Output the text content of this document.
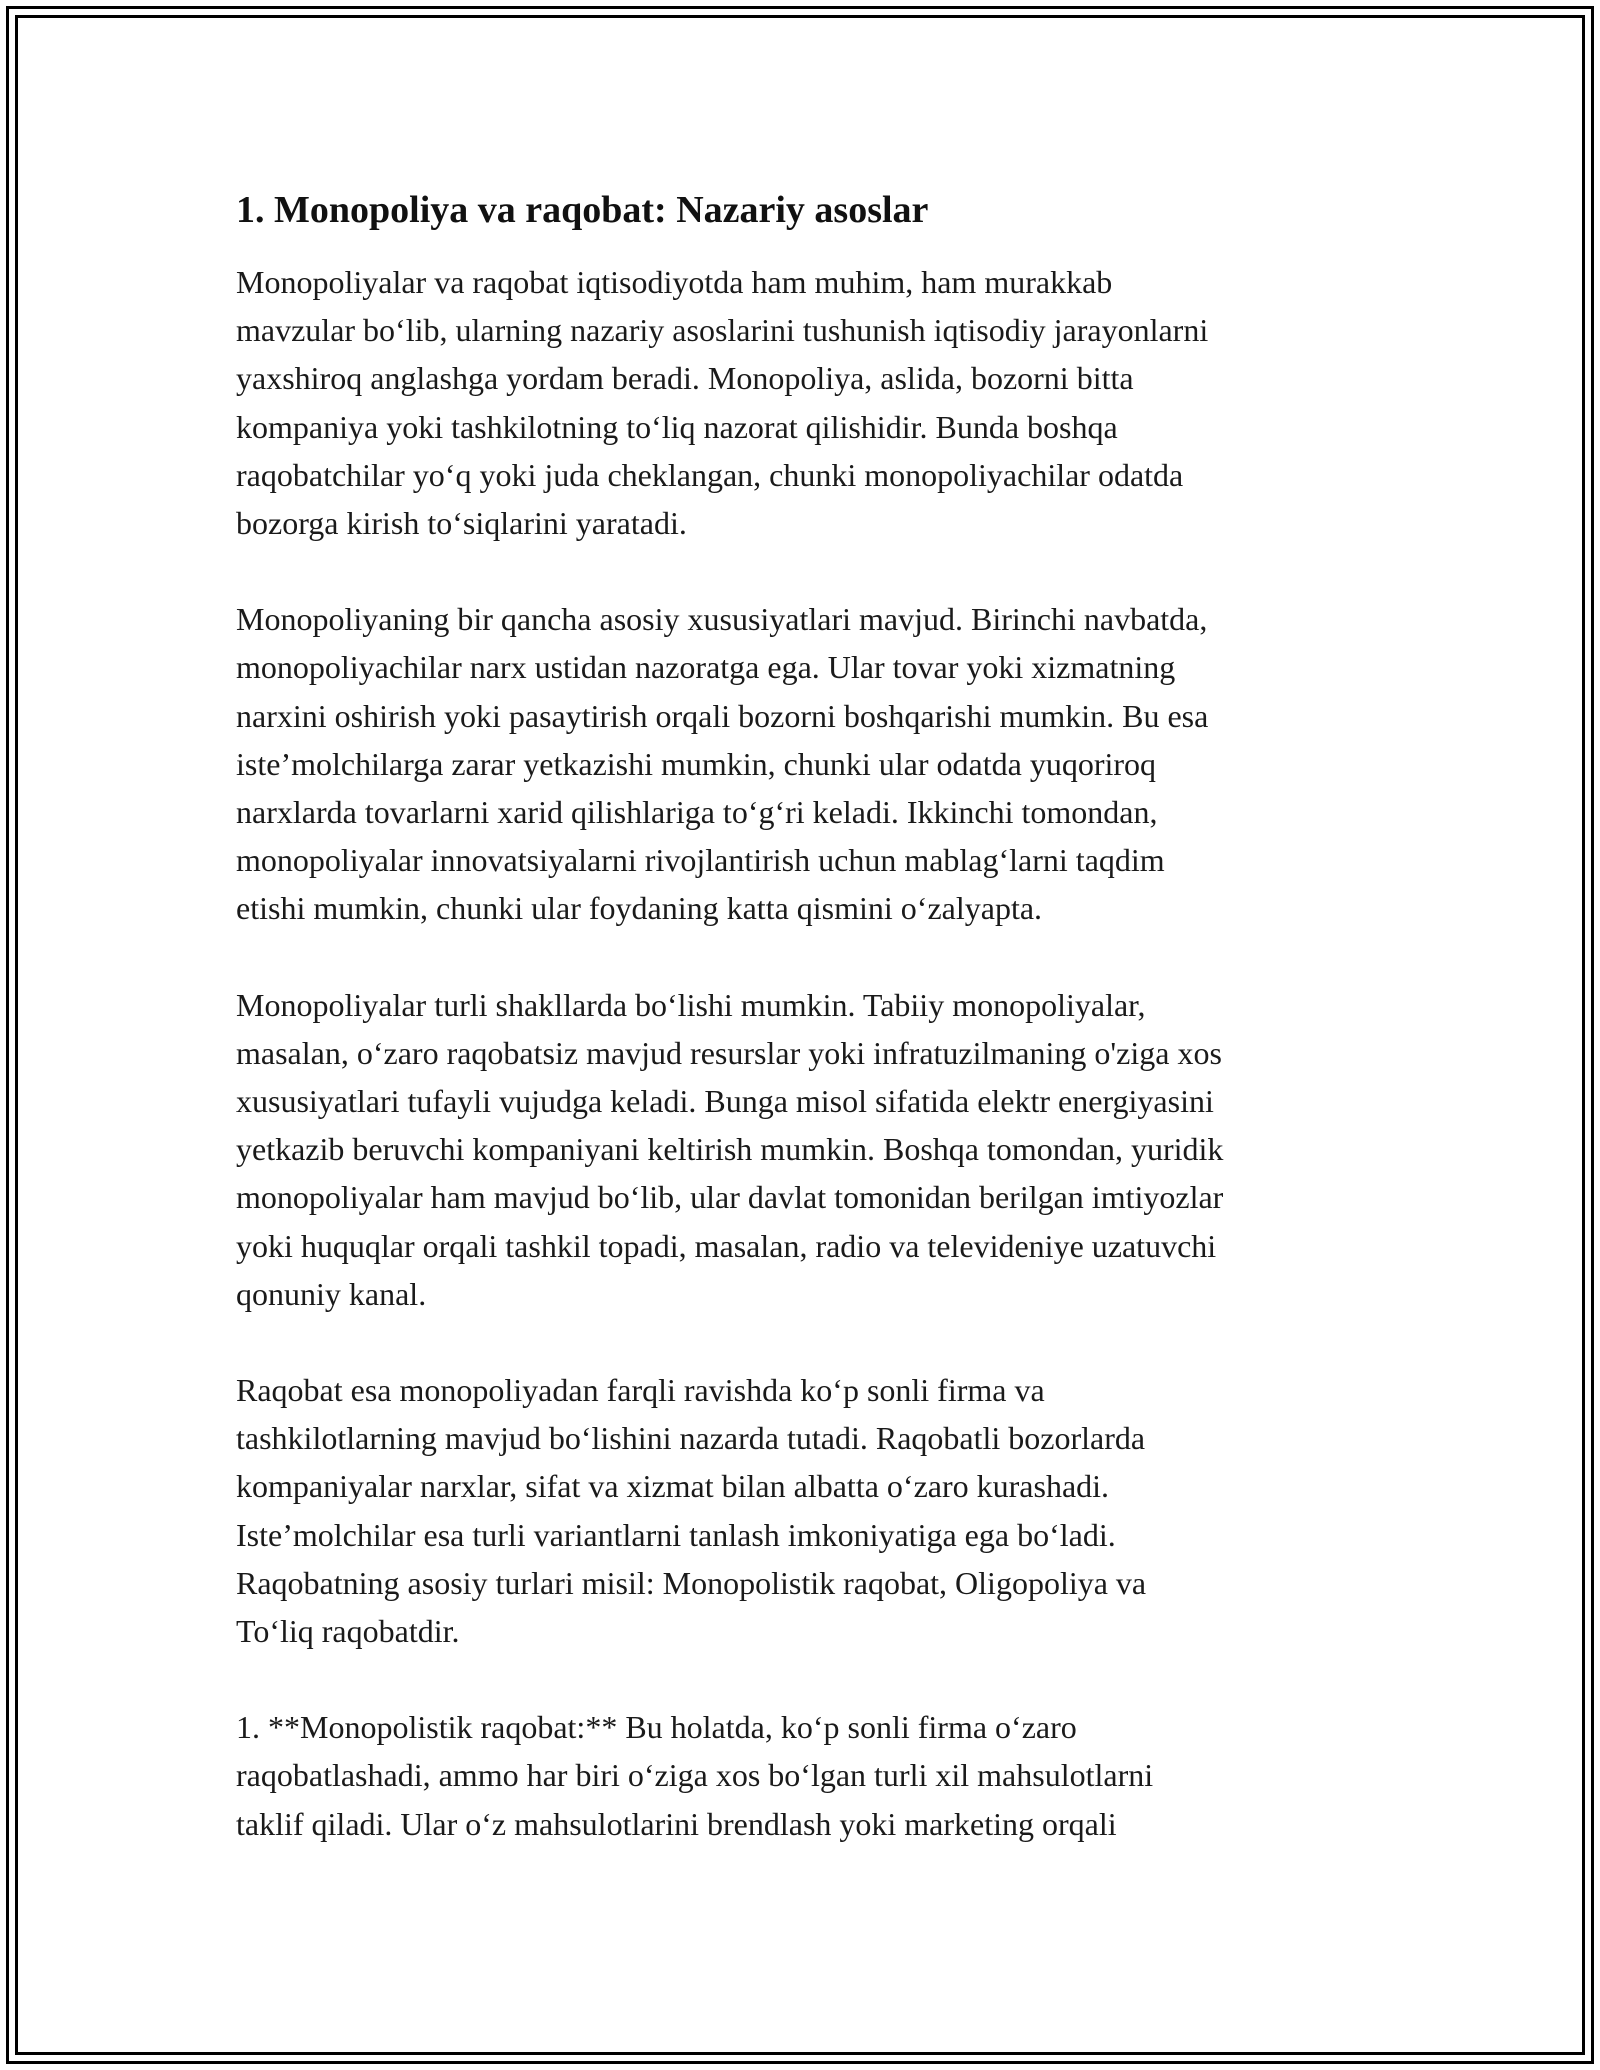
1. Monopoliya va raqobat: Nazariy asoslar

Monopoliyalar va raqobat iqtisodiyotda ham muhim, ham murakkab
mavzular bo‘lib, ularning nazariy asoslarini tushunish iqtisodiy jarayonlarni
yaxshiroq anglashga yordam beradi. Monopoliya, aslida, bozorni bitta
kompaniya yoki tashkilotning to‘liq nazorat qilishidir. Bunda boshqa
raqobatchilar yo‘q yoki juda cheklangan, chunki monopoliyachilar odatda
bozorga kirish to‘siqlarini yaratadi.

Monopoliyaning bir qancha asosiy xususiyatlari mavjud. Birinchi navbatda,
monopoliyachilar narx ustidan nazoratga ega. Ular tovar yoki xizmatning
narxini oshirish yoki pasaytirish orqali bozorni boshqarishi mumkin. Bu esa
iste’molchilarga zarar yetkazishi mumkin, chunki ular odatda yuqoriroq
narxlarda tovarlarni xarid qilishlariga to‘g‘ri keladi. Ikkinchi tomondan,
monopoliyalar innovatsiyalarni rivojlantirish uchun mablag‘larni taqdim
etishi mumkin, chunki ular foydaning katta qismini o‘zalyapta.

Monopoliyalar turli shakllarda bo‘lishi mumkin. Tabiiy monopoliyalar,
masalan, o‘zaro raqobatsiz mavjud resurslar yoki infratuzilmaning o'ziga xos
xususiyatlari tufayli vujudga keladi. Bunga misol sifatida elektr energiyasini
yetkazib beruvchi kompaniyani keltirish mumkin. Boshqa tomondan, yuridik
monopoliyalar ham mavjud bo‘lib, ular davlat tomonidan berilgan imtiyozlar
yoki huquqlar orqali tashkil topadi, masalan, radio va televideniye uzatuvchi
qonuniy kanal.

Raqobat esa monopoliyadan farqli ravishda ko‘p sonli firma va
tashkilotlarning mavjud bo‘lishini nazarda tutadi. Raqobatli bozorlarda
kompaniyalar narxlar, sifat va xizmat bilan albatta o‘zaro kurashadi.
Iste’molchilar esa turli variantlarni tanlash imkoniyatiga ega bo‘ladi.
Raqobatning asosiy turlari misil: Monopolistik raqobat, Oligopoliya va
To‘liq raqobatdir.

1. **Monopolistik raqobat:** Bu holatda, ko‘p sonli firma o‘zaro
raqobatlashadi, ammo har biri o‘ziga xos bo‘lgan turli xil mahsulotlarni
taklif qiladi. Ular o‘z mahsulotlarini brendlash yoki marketing orqali
